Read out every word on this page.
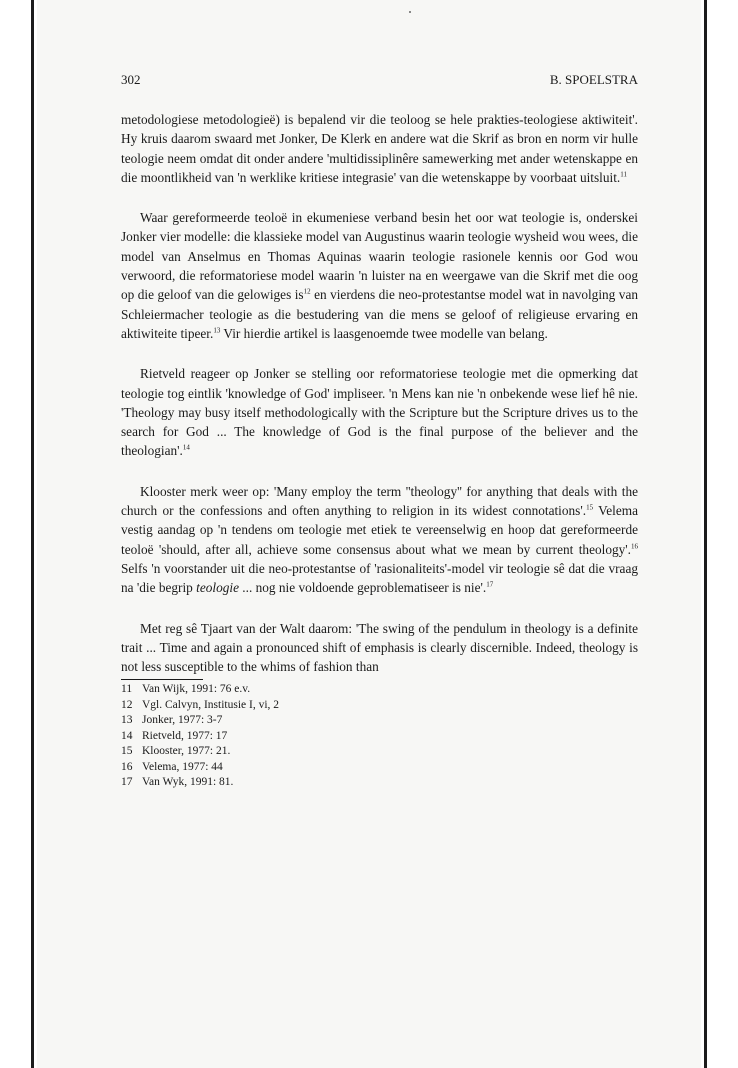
302	B. SPOELSTRA

metodologiese metodologieë) is bepalend vir die teoloog se hele prakties-teologiese aktiwiteit'. Hy kruis daarom swaard met Jonker, De Klerk en andere wat die Skrif as bron en norm vir hulle teologie neem omdat dit onder andere 'multidissiplinêre samewerking met ander wetenskappe en die moontlikheid van 'n werklike kritiese integrasie' van die wetenskappe by voorbaat uitsluit.$^{11}$

Waar gereformeerde teoloë in ekumeniese verband besin het oor wat teologie is, onderskei Jonker vier modelle: die klassieke model van Augustinus waarin teologie wysheid wou wees, die model van Anselmus en Thomas Aquinas waarin teologie rasionele kennis oor God wou verwoord, die reformatoriese model waarin 'n luister na en weergawe van die Skrif met die oog op die geloof van die gelowiges $is^{12}$ en vierdens die neo-protestantse model wat in navolging van Schleiermacher teologie as die bestudering van die mens se geloof of religieuse ervaring en aktiwiteite tipeer.$^{13}$ Vir hierdie artikel is laasgenoemde twee modelle van belang.

Rietveld reageer op Jonker se stelling oor reformatoriese teologie met die opmerking dat teologie tog eintlik 'knowledge of God' impliseer. 'n Mens kan nie 'n onbekende wese lief hê nie. 'Theology may busy itself methodologically with the Scripture but the Scripture drives us to the search for God ... The knowledge of God is the final purpose of the believer and the theologian'.$^{14}$

Klooster merk weer op: 'Many employ the term ''theology'' for anything that deals with the church or the confessions and often anything to religion in its widest connotations'.$^{15}$ Velema vestig aandag op 'n tendens om teologie met etiek te vereenselwig en hoop dat gereformeerde teoloë 'should, after all, achieve some consensus about what we mean by current theology'.$^{16}$ Selfs 'n voorstander uit die neo-protestantse of 'rasionaliteits'-model vir teologie sê dat die vraag na 'die begrip teologie ... nog nie voldoende geproblematiseer is nie'.$^{17}$

Met reg sê Tjaart van der Walt daarom: 'The swing of the pendulum in theology is a definite trait ... Time and again a pronounced shift of emphasis is clearly discernible. Indeed, theology is not less susceptible to the whims of fashion than

11 Van Wijk, 1991: 76 e.v.
12 Vgl. Calvyn, Institusie I, vi, 2
13 Jonker, 1977: 3-7
14 Rietveld, 1977: 17
15 Klooster, 1977: 21.
16 Velema, 1977: 44
17 Van Wyk, 1991: 81.
